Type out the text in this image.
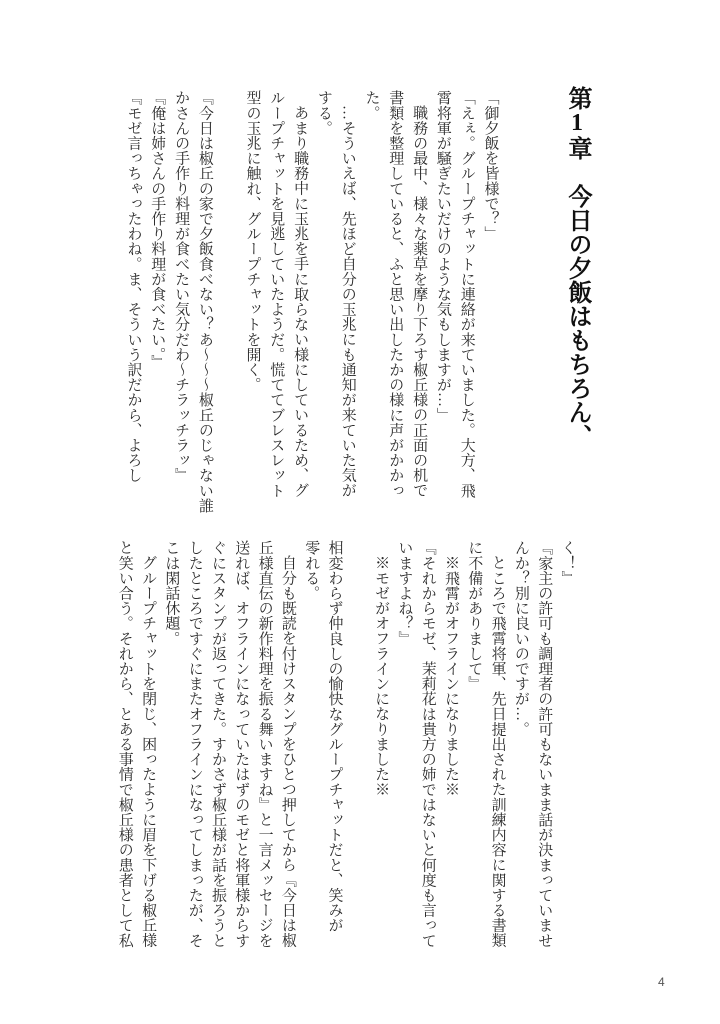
第1章　今日の夕飯はもちろん、
「御夕飯を皆様で？」
「えぇ。グループチャットに連絡が来ていました。大方、飛
霄将軍が騒ぎたいだけのような気もしますが…」
職務の最中、様々な薬草を摩り下ろす椒丘様の正面の机で
書類を整理していると、ふと思い出したかの様に声がかかっ
た。
…そういえば、先ほど自分の玉兆にも通知が来ていた気が
する。
あまり職務中に玉兆を手に取らない様にしているため、グ
ループチャットを見逃していたようだ。慌ててブレスレット
型の玉兆に触れ、グループチャットを開く。
『今日は椒丘の家で夕飯食べない？あ〜〜〜椒丘のじゃない誰
かさんの手作り料理が食べたい気分だわ〜チラッチラッ』
『俺は姉さんの手作り料理が食べたい。』
『モゼ言っちゃったわね。ま、そういう訳だから、よろし
く！』
『家主の許可も調理者の許可もないまま話が決まっていませ
んか？別に良いのですが…。
ところで飛霄将軍、先日提出された訓練内容に関する書類
に不備がありまして』
※飛霄がオフラインになりました※
『それからモゼ、茉莉花は貴方の姉ではないと何度も言って
いますよね？』
※モゼがオフラインになりました※
相変わらず仲良しの愉快なグループチャットだと、笑みが
零れる。
自分も既読を付けスタンプをひとつ押してから『今日は椒
丘様直伝の新作料理を振る舞いますね』と一言メッセージを
送れば、オフラインになっていたはずのモゼと将軍様からす
ぐにスタンプが返ってきた。すかさず椒丘様が話を振ろうと
したところですぐにまたオフラインになってしまったが、そ
こは閑話休題。
グループチャットを閉じ、困ったように眉を下げる椒丘様
と笑い合う。それから、とある事情で椒丘様の患者として私
4
